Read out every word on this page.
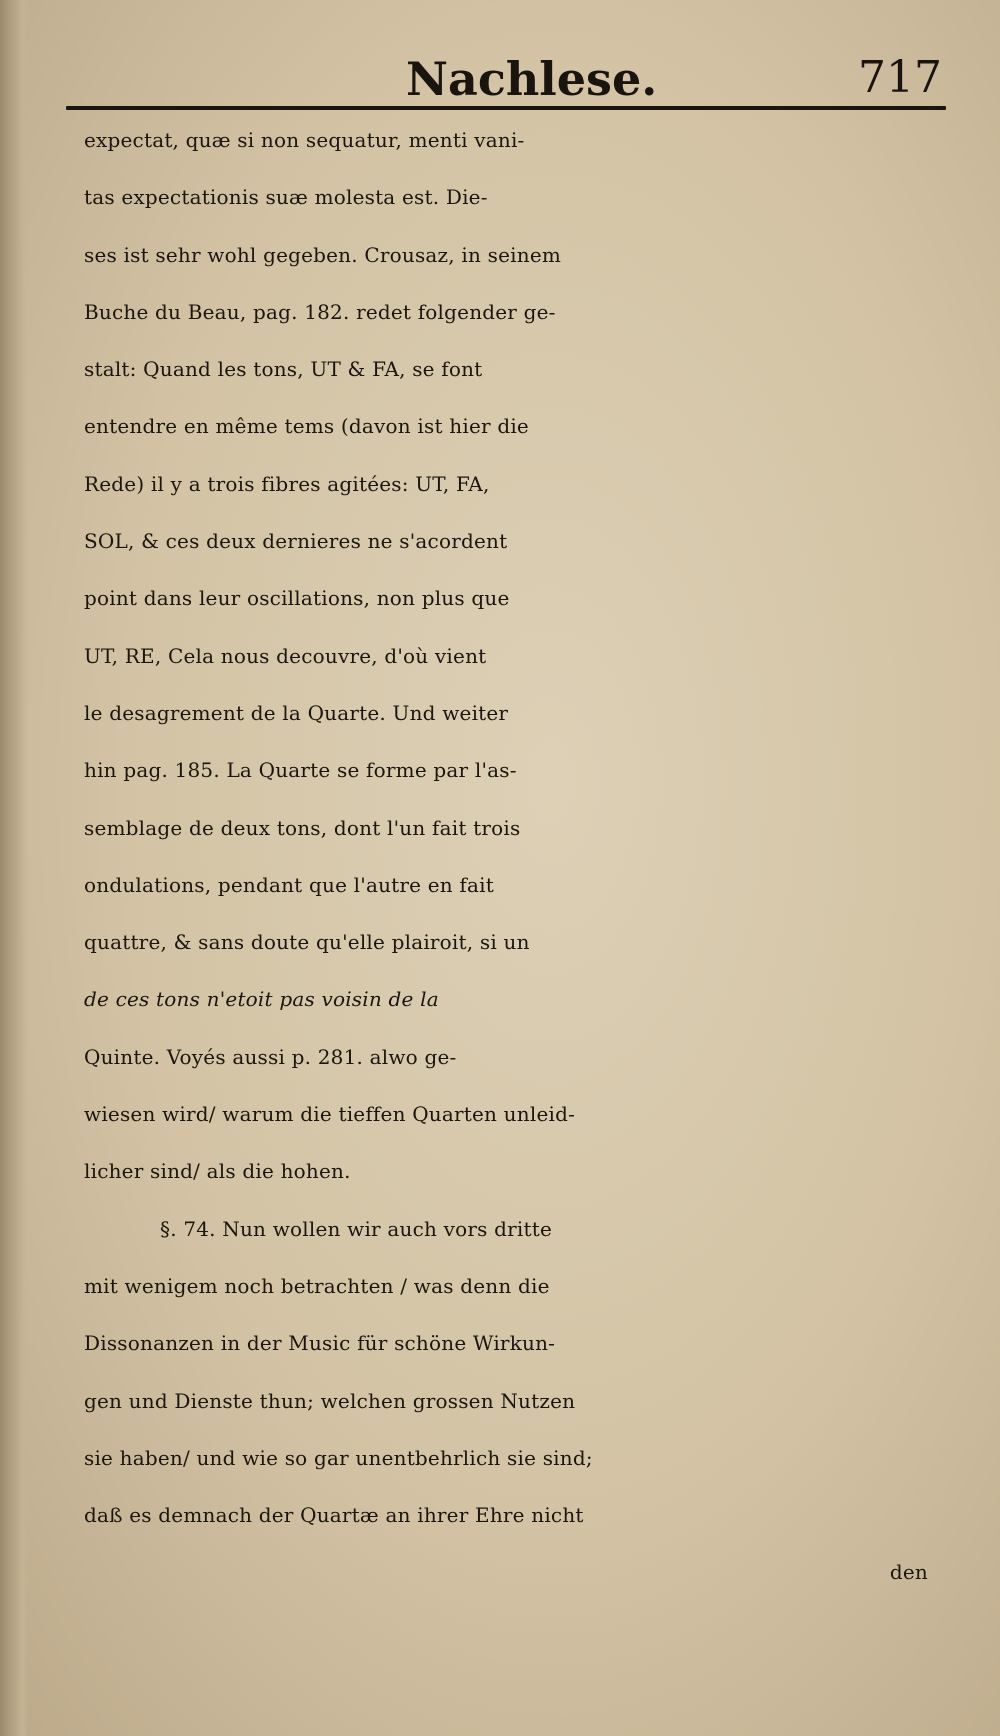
Nachlese.	717
expectat, quæ si non sequatur, menti vani-
tas expectationis suæ molesta est. Die-
ses ist sehr wohl gegeben. Crousaz, in seinem
Buche du Beau, pag. 182. redet folgender ge-
stalt: Quand les tons, UT & FA, se font
entendre en même tems (davon ist hier die
Rede) il y a trois fibres agitées: UT, FA,
SOL, & ces deux dernieres ne s'acordent
point dans leur oscillations, non plus que
UT, RE, Cela nous decouvre, d'où vient
le desagrement de la Quarte. Und weiter
hin pag. 185. La Quarte se forme par l'as-
semblage de deux tons, dont l'un fait trois
ondulations, pendant que l'autre en fait
quattre, & sans doute qu'elle plairoit, si un
de ces tons n'etoit pas voisin de la
Quinte. Voyés aussi p. 281. alwo ge-
wiesen wird/ warum die tieffen Quarten unleid-
licher sind/ als die hohen.
§. 74. Nun wollen wir auch vors dritte
mit wenigem noch betrachten / was denn die
Dissonanzen in der Music für schöne Wirkun-
gen und Dienste thun; welchen grossen Nutzen
sie haben/ und wie so gar unentbehrlich sie sind;
daß es demnach der Quartæ an ihrer Ehre nicht
den
